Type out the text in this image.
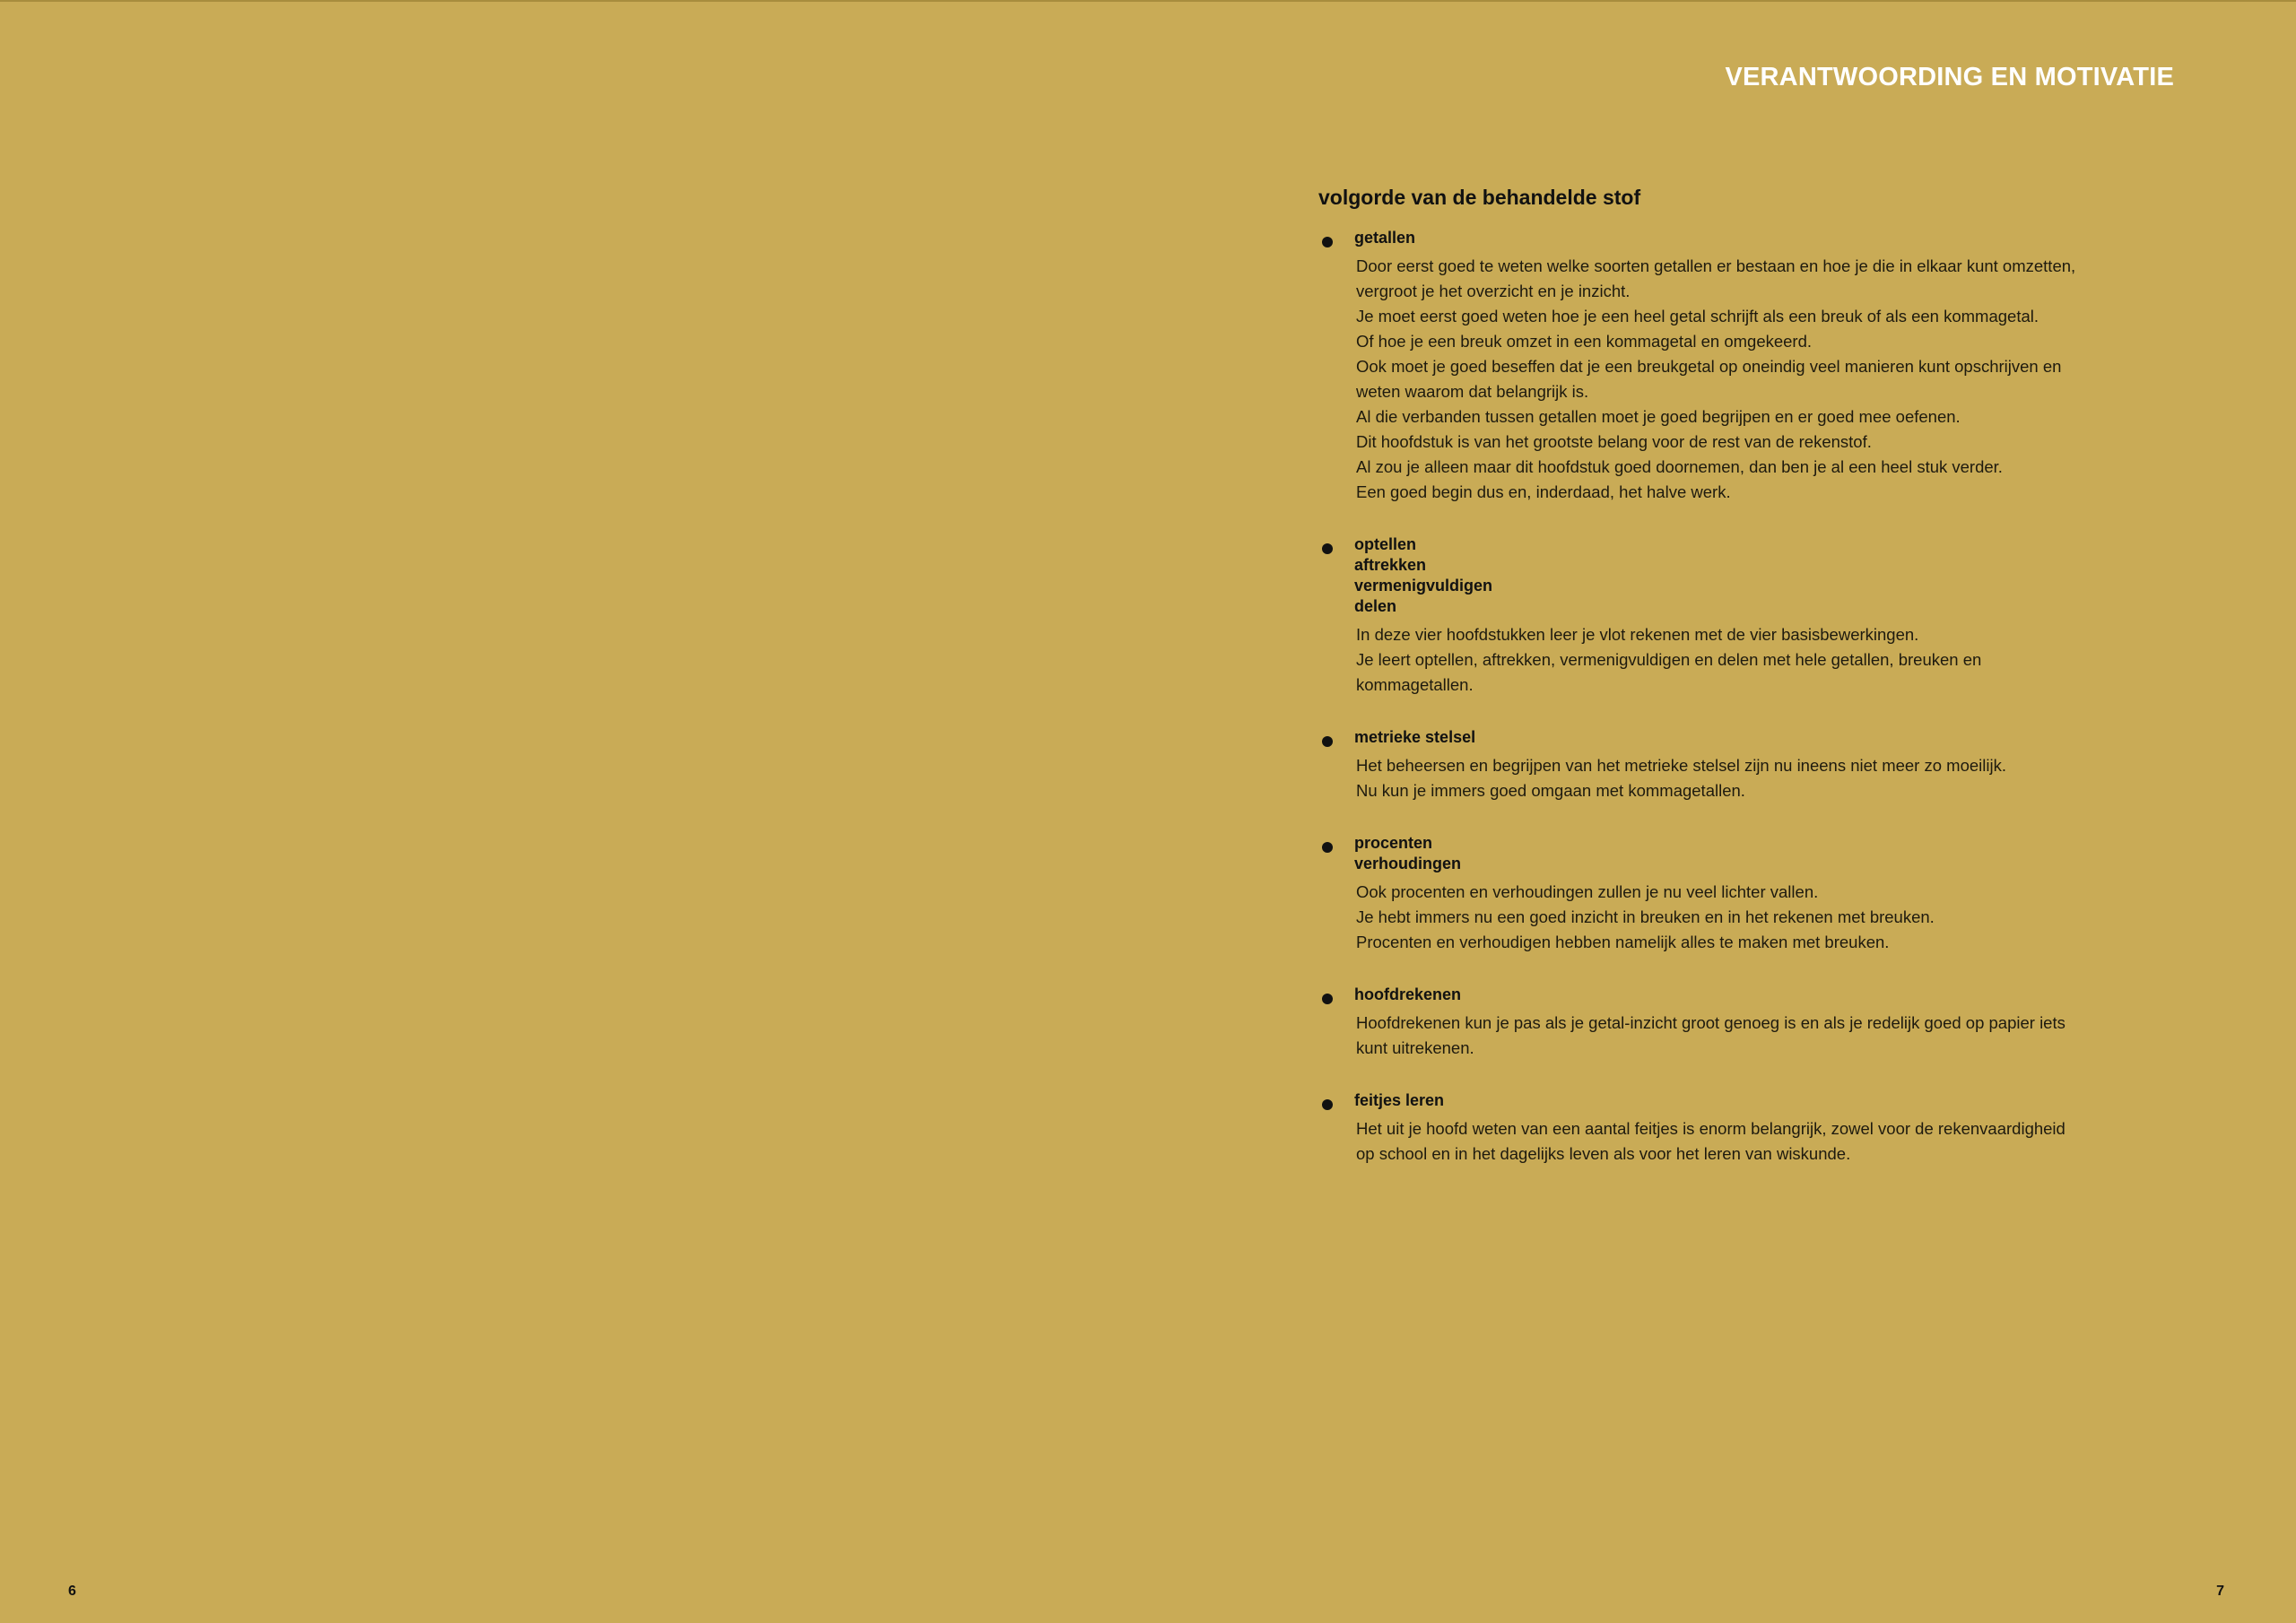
VERANTWOORDING EN MOTIVATIE
volgorde van de behandelde stof
getallen
Door eerst goed te weten welke soorten getallen er bestaan en hoe je die in elkaar kunt omzetten,
vergroot je het overzicht en je inzicht.
Je moet eerst goed weten hoe je een heel getal schrijft als een breuk of als een kommagetal.
Of hoe je een breuk omzet in een kommagetal en omgekeerd.
Ook moet je goed beseffen dat je een breukgetal op oneindig veel manieren kunt opschrijven en
weten waarom dat belangrijk is.
Al die verbanden tussen getallen moet je goed begrijpen en er goed mee oefenen.
Dit hoofdstuk is van het grootste belang voor de rest van de rekenstof.
Al zou je alleen maar dit hoofdstuk goed doornemen, dan ben je al een heel stuk verder.
Een goed begin dus en, inderdaad, het halve werk.
optellen
aftrekken
vermenigvuldigen
delen
In deze vier hoofdstukken leer je vlot rekenen met de vier basisbewerkingen.
Je leert optellen, aftrekken, vermenigvuldigen en delen met hele getallen, breuken en
kommagetallen.
metrieke stelsel
Het beheersen en begrijpen van het metrieke stelsel zijn nu ineens niet meer zo moeilijk.
Nu kun je immers goed omgaan met kommagetallen.
procenten
verhoudingen
Ook procenten en verhoudingen zullen je nu veel lichter vallen.
Je hebt immers nu een goed inzicht in breuken en in het rekenen met breuken.
Procenten en verhoudigen hebben namelijk alles te maken met breuken.
hoofdrekenen
Hoofdrekenen kun je pas als je getal-inzicht groot genoeg is en als je redelijk goed op papier iets
kunt uitrekenen.
feitjes leren
Het uit je hoofd weten van een aantal feitjes is enorm belangrijk, zowel voor de rekenvaardigheid
op school en in het dagelijks leven als voor het leren van wiskunde.
6	7
